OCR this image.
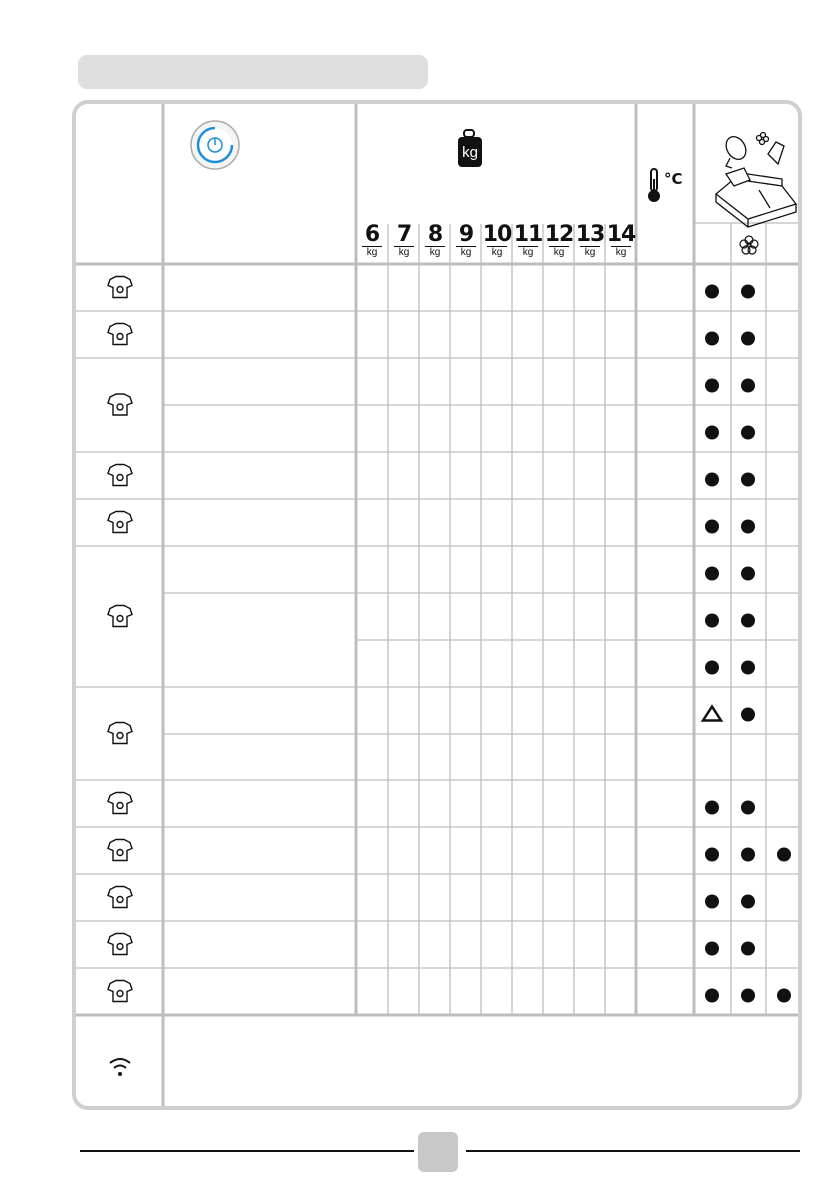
kg
°C
6
kg
7
kg
8
kg
9
kg
10
kg
11
kg
12
kg
13
kg
14
kg
